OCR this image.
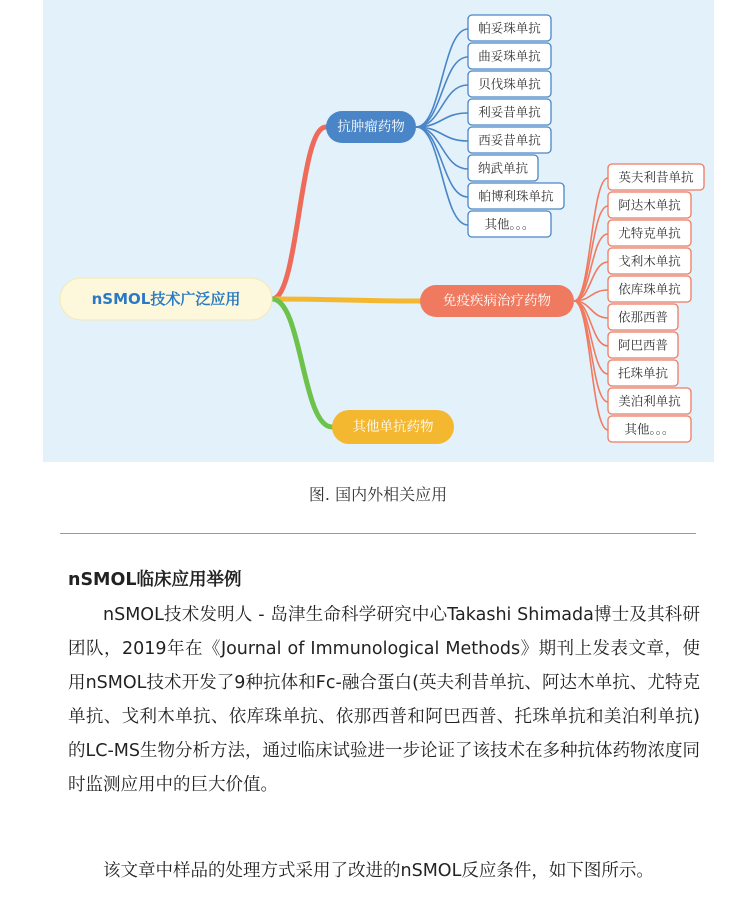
nSMOL技术广泛应用
抗肿瘤药物
帕妥珠单抗
曲妥珠单抗
贝伐珠单抗
利妥昔单抗
西妥昔单抗
纳武单抗
帕博利珠单抗
其他。。。
免疫疾病治疗药物
英夫利昔单抗
阿达木单抗
尤特克单抗
戈利木单抗
依库珠单抗
依那西普
阿巴西普
托珠单抗
美泊利单抗
其他。。。
其他单抗药物
图. 国内外相关应用
nSMOL临床应用举例

nSMOL技术发明人 - 岛津生命科学研究中心Takashi Shimada博士及其科研团队，2019年在《Journal of Immunological Methods》期刊上发表文章，使用nSMOL技术开发了9种抗体和Fc-融合蛋白(英夫利昔单抗、阿达木单抗、尤特克单抗、戈利木单抗、依库珠单抗、依那西普和阿巴西普、托珠单抗和美泊利单抗)的LC-MS生物分析方法，通过临床试验进一步论证了该技术在多种抗体药物浓度同时监测应用中的巨大价值。

该文章中样品的处理方式采用了改进的nSMOL反应条件，如下图所示。
